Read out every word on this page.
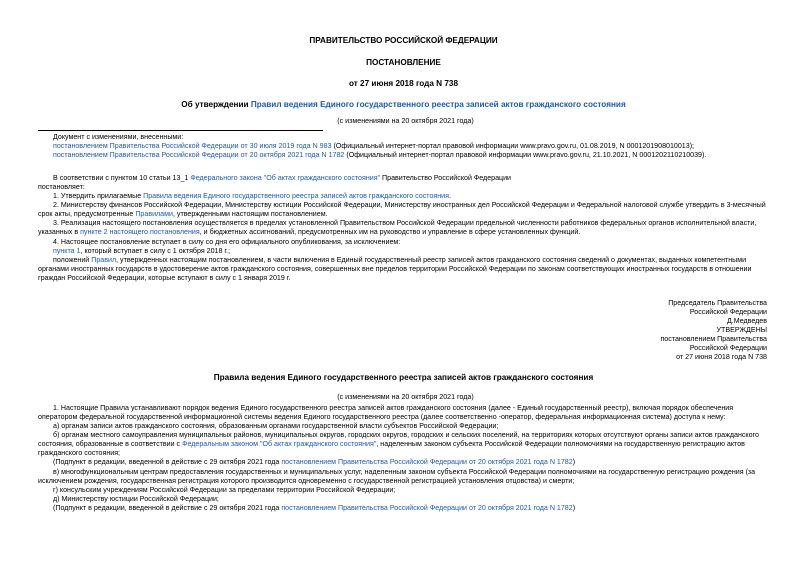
ПРАВИТЕЛЬСТВО РОССИЙСКОЙ ФЕДЕРАЦИИ
ПОСТАНОВЛЕНИЕ
от 27 июня 2018 года N 738
Об утверждении Правил ведения Единого государственного реестра записей актов гражданского состояния
(с изменениями на 20 октября 2021 года)

Документ с изменениями, внесенными:

постановлением Правительства Российской Федерации от 30 июля 2019 года N 983 (Официальный интернет-портал правовой информации www.pravo.gov.ru, 01.08.2019, N 0001201908010013);

постановлением Правительства Российской Федерации от 20 октября 2021 года N 1782 (Официальный интернет-портал правовой информации www.pravo.gov.ru, 21.10.2021, N 0001202110210039).

В соответствии с пунктом 10 статьи 13_1 Федерального закона "Об актах гражданского состояния" Правительство Российской Федерации

постановляет:

1. Утвердить прилагаемые Правила ведения Единого государственного реестра записей актов гражданского состояния.

2. Министерству финансов Российской Федерации, Министерству юстиции Российской Федерации, Министерству иностранных дел Российской Федерации и Федеральной налоговой службе утвердить в 3-месячный срок акты, предусмотренные Правилами, утвержденными настоящим постановлением.

3. Реализация настоящего постановления осуществляется в пределах установленной Правительством Российской Федерации предельной численности работников федеральных органов исполнительной власти, указанных в пункте 2 настоящего постановления, и бюджетных ассигнований, предусмотренных им на руководство и управление в сфере установленных функций.

4. Настоящее постановление вступает в силу со дня его официального опубликования, за исключением:

пункта 1, который вступает в силу с 1 октября 2018 г.;

положений Правил, утвержденных настоящим постановлением, в части включения в Единый государственный реестр записей актов гражданского состояния сведений о документах, выданных компетентными органами иностранных государств в удостоверение актов гражданского состояния, совершенных вне пределов территории Российской Федерации по законам соответствующих иностранных государств в отношении граждан Российской Федерации, которые вступают в силу с 1 января 2019 г.

Председатель Правительства
Российской Федерации
Д.Медведев
УТВЕРЖДЕНЫ
постановлением Правительства
Российской Федерации
от 27 июня 2018 года N 738
Правила ведения Единого государственного реестра записей актов гражданского состояния
(с изменениями на 20 октября 2021 года)

1. Настоящие Правила устанавливают порядок ведения Единого государственного реестра записей актов гражданского состояния (далее - Единый государственный реестр), включая порядок обеспечения оператором федеральной государственной информационной системы ведения Единого государственного реестра (далее соответственно -оператор, федеральная информационная система) доступа к нему:

а) органам записи актов гражданского состояния, образованным органами государственной власти субъектов Российской Федерации;

б) органам местного самоуправления муниципальных районов, муниципальных округов, городских округов, городских и сельских поселений, на территориях которых отсутствуют органы записи актов гражданского состояния, образованные в соответствии с Федеральным законом "Об актах гражданского состояния", наделенным законом субъекта Российской Федерации полномочиями на государственную регистрацию актов гражданского состояния;

(Подпункт в редакции, введенной в действие с 29 октября 2021 года постановлением Правительства Российской Федерации от 20 октября 2021 года N 1782)

в) многофункциональным центрам предоставления государственных и муниципальных услуг, наделенным законом субъекта Российской Федерации полномочиями на государственную регистрацию рождения (за исключением рождения, государственная регистрация которого производится одновременно с государственной регистрацией установления отцовства) и смерти;

г) консульским учреждениям Российской Федерации за пределами территории Российской Федерации;

д) Министерству юстиции Российской Федерации;

(Подпункт в редакции, введенной в действие с 29 октября 2021 года постановлением Правительства Российской Федерации от 20 октября 2021 года N 1782)
